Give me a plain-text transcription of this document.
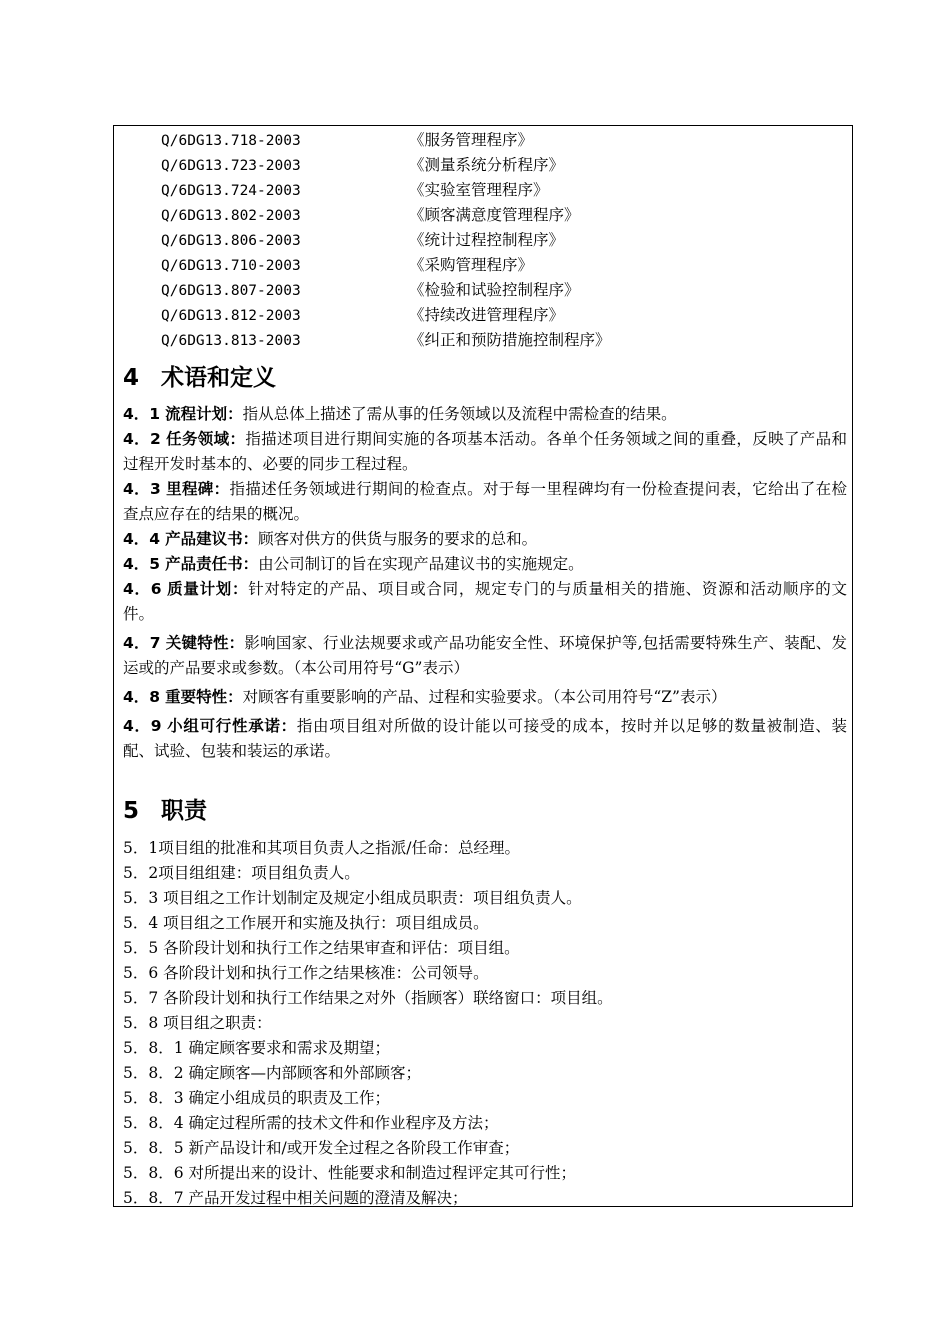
Q/6DG13.718-2003	《服务管理程序》
Q/6DG13.723-2003	《测量系统分析程序》
Q/6DG13.724-2003	《实验室管理程序》
Q/6DG13.802-2003	《顾客满意度管理程序》
Q/6DG13.806-2003	《统计过程控制程序》
Q/6DG13.710-2003	《采购管理程序》
Q/6DG13.807-2003	《检验和试验控制程序》
Q/6DG13.812-2003	《持续改进管理程序》
Q/6DG13.813-2003	《纠正和预防措施控制程序》
4 术语和定义

4．1 流程计划：指从总体上描述了需从事的任务领域以及流程中需检查的结果。

4．2 任务领域：指描述项目进行期间实施的各项基本活动。各单个任务领域之间的重叠，反映了产品和过程开发时基本的、必要的同步工程过程。

4．3 里程碑：指描述任务领域进行期间的检查点。对于每一里程碑均有一份检查提问表，它给出了在检查点应存在的结果的概况。

4．4 产品建议书：顾客对供方的供货与服务的要求的总和。

4．5 产品责任书：由公司制订的旨在实现产品建议书的实施规定。

4．6 质量计划：针对特定的产品、项目或合同，规定专门的与质量相关的措施、资源和活动顺序的文件。

4．7 关键特性：影响国家、行业法规要求或产品功能安全性、环境保护等,包括需要特殊生产、装配、发运或的产品要求或参数。（本公司用符号“G”表示）

4．8 重要特性：对顾客有重要影响的产品、过程和实验要求。（本公司用符号“Z”表示）

4．9 小组可行性承诺：指由项目组对所做的设计能以可接受的成本，按时并以足够的数量被制造、装配、试验、包装和装运的承诺。

5 职责
5．1项目组的批准和其项目负责人之指派/任命：总经理。
5．2项目组组建：项目组负责人。
5．3 项目组之工作计划制定及规定小组成员职责：项目组负责人。
5．4 项目组之工作展开和实施及执行：项目组成员。
5．5 各阶段计划和执行工作之结果审查和评估：项目组。
5．6 各阶段计划和执行工作之结果核准：公司领导。
5．7 各阶段计划和执行工作结果之对外（指顾客）联络窗口：项目组。
5．8 项目组之职责：
5．8．1 确定顾客要求和需求及期望；
5．8．2 确定顾客—内部顾客和外部顾客；
5．8．3 确定小组成员的职责及工作；
5．8．4 确定过程所需的技术文件和作业程序及方法；
5．8．5 新产品设计和/或开发全过程之各阶段工作审查；
5．8．6 对所提出来的设计、性能要求和制造过程评定其可行性；
5．8．7 产品开发过程中相关问题的澄清及解决；
